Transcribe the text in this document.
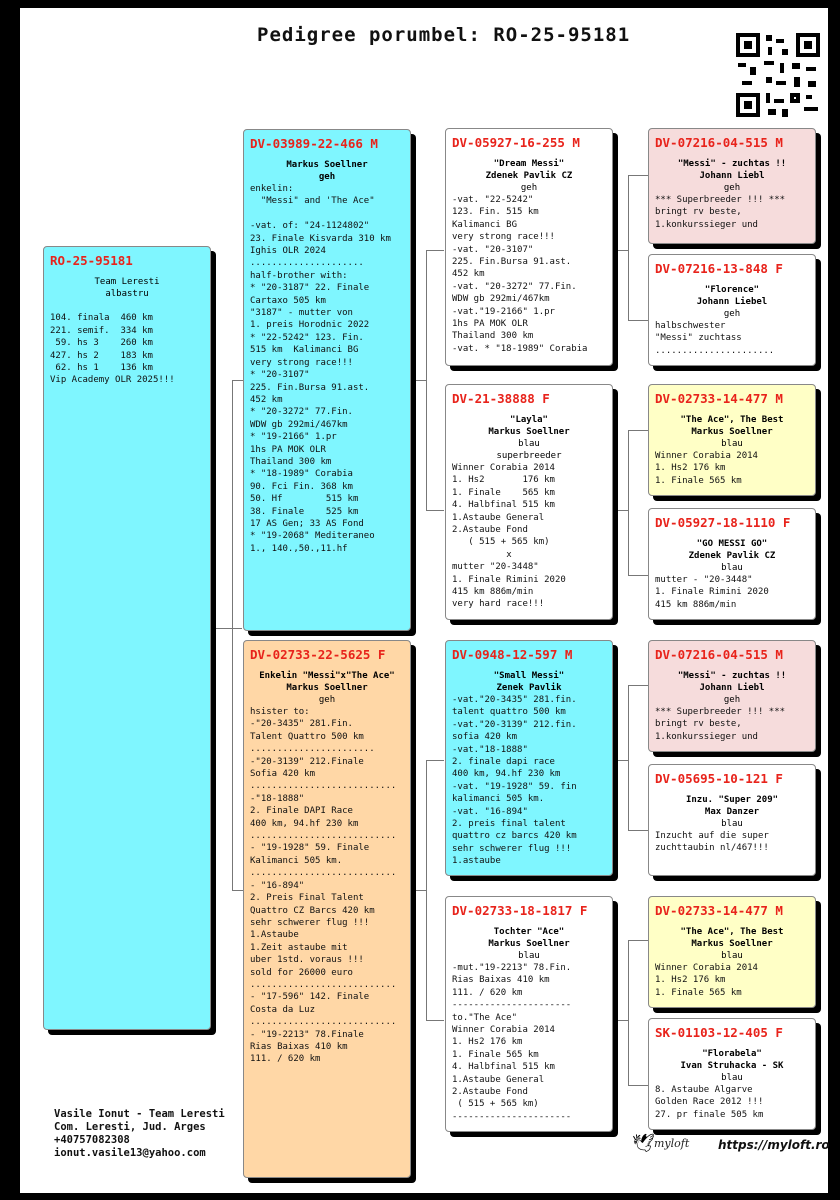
Pedigree porumbel: RO-25-95181
RO-25-95181
Team Leresti
albastru

104. finala  460 km
221. semif.  334 km
59. hs 3    260 km
427. hs 2    183 km
62. hs 1    136 km
Vip Academy OLR 2025!!!
DV-03989-22-466 M
Markus Soellner
geh
enkelin:
"Messi" and 'The Ace"

-vat. of: "24-1124802"
23. Finale Kisvarda 310 km
Ighis OLR 2024
.....................
half-brother with:
* "20-3187" 22. Finale
Cartaxo 505 km
"3187" - mutter von
1. preis Horodnic 2022
* "22-5242" 123. Fin.
515 km  Kalimanci BG
very strong race!!!
* "20-3107"
225. Fin.Bursa 91.ast.
452 km
* "20-3272" 77.Fin.
WDW gb 292mi/467km
* "19-2166" 1.pr
1hs PA MOK OLR
Thailand 300 km
* "18-1989" Corabia
90. Fci Fin. 368 km
50. Hf        515 km
38. Finale    525 km
17 AS Gen; 33 AS Fond
* "19-2068" Mediteraneo
1., 140.,50.,11.hf
DV-02733-22-5625 F
Enkelin "Messi"x"The Ace"
Markus Soellner
geh
hsister to:
-"20-3435" 281.Fin.
Talent Quattro 500 km
.......................
-"20-3139" 212.Finale
Sofia 420 km
...........................
-"18-1888"
2. Finale DAPI Race
400 km, 94.hf 230 km
...........................
- "19-1928" 59. Finale
Kalimanci 505 km.
...........................
- "16-894"
2. Preis Final Talent
Quattro CZ Barcs 420 km
sehr schwerer flug !!!
1.Astaube
1.Zeit astaube mit
uber 1std. voraus !!!
sold for 26000 euro
...........................
- "17-596" 142. Finale
Costa da Luz
...........................
- "19-2213" 78.Finale
Rias Baixas 410 km
111. / 620 km
DV-05927-16-255 M
"Dream Messi"
Zdenek Pavlik CZ
geh
-vat. "22-5242"
123. Fin. 515 km
Kalimanci BG
very strong race!!!
-vat. "20-3107"
225. Fin.Bursa 91.ast.
452 km
-vat. "20-3272" 77.Fin.
WDW gb 292mi/467km
-vat."19-2166" 1.pr
1hs PA MOK OLR
Thailand 300 km
-vat. * "18-1989" Corabia
DV-21-38888 F
"Layla"
Markus Soellner
blau
superbreeder
Winner Corabia 2014
1. Hs2       176 km
1. Finale    565 km
4. Halbfinal 515 km
1.Astaube General
2.Astaube Fond
( 515 + 565 km)
x
mutter "20-3448"
1. Finale Rimini 2020
415 km 886m/min
very hard race!!!
DV-0948-12-597 M
"Small Messi"
Zenek Pavlik
-vat."20-3435" 281.fin.
talent quattro 500 km
-vat."20-3139" 212.fin.
sofia 420 km
-vat."18-1888"
2. finale dapi race
400 km, 94.hf 230 km
-vat. "19-1928" 59. fin
kalimanci 505 km.
-vat. "16-894"
2. preis final talent
quattro cz barcs 420 km
sehr schwerer flug !!!
1.astaube
DV-02733-18-1817 F
Tochter "Ace"
Markus Soellner
blau
-mut."19-2213" 78.Fin.
Rias Baixas 410 km
111. / 620 km
----------------------
to."The Ace"
Winner Corabia 2014
1. Hs2 176 km
1. Finale 565 km
4. Halbfinal 515 km
1.Astaube General
2.Astaube Fond
( 515 + 565 km)
----------------------
DV-07216-04-515 M
"Messi" - zuchtas !!
Johann Liebl
geh
*** Superbreeder !!! ***
bringt rv beste,
1.konkurssieger und
DV-07216-13-848 F
"Florence"
Johann Liebel
geh
halbschwester
"Messi" zuchtass
......................
DV-02733-14-477 M
"The Ace", The Best
Markus Soellner
blau
Winner Corabia 2014
1. Hs2 176 km
1. Finale 565 km
DV-05927-18-1110 F
"GO MESSI GO"
Zdenek Pavlik CZ
blau
mutter - "20-3448"
1. Finale Rimini 2020
415 km 886m/min
DV-07216-04-515 M
"Messi" - zuchtas !!
Johann Liebl
geh
*** Superbreeder !!! ***
bringt rv beste,
1.konkurssieger und
DV-05695-10-121 F
Inzu. "Super 209"
Max Danzer
blau
Inzucht auf die super
zuchttaubin nl/467!!!
DV-02733-14-477 M
"The Ace", The Best
Markus Soellner
blau
Winner Corabia 2014
1. Hs2 176 km
1. Finale 565 km
SK-01103-12-405 F
"Florabela"
Ivan Struhacka - SK
blau
8. Astaube Algarve
Golden Race 2012 !!!
27. pr finale 505 km
Vasile Ionut - Team Leresti
Com. Leresti, Jud. Arges
+40757082308
ionut.vasile13@yahoo.com	🕊 myloft https://myloft.ro
